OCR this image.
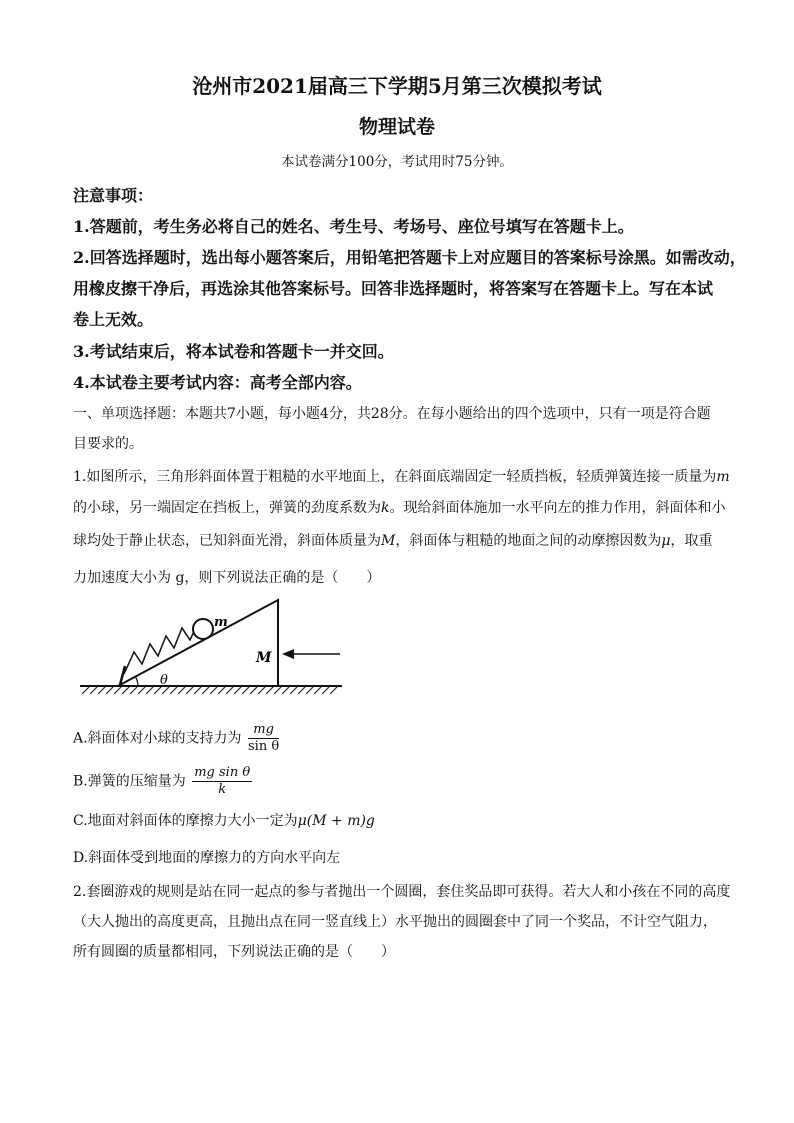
沧州市2021届高三下学期5月第三次模拟考试
物理试卷
本试卷满分100分，考试用时75分钟。
注意事项：
1.答题前，考生务必将自己的姓名、考生号、考场号、座位号填写在答题卡上。
2.回答选择题时，选出每小题答案后，用铅笔把答题卡上对应题目的答案标号涂黑。如需改动，
用橡皮擦干净后，再选涂其他答案标号。回答非选择题时，将答案写在答题卡上。写在本试
卷上无效。
3.考试结束后，将本试卷和答题卡一并交回。
4.本试卷主要考试内容：高考全部内容。
一、单项选择题：本题共7小题，每小题4分，共28分。在每小题给出的四个选项中，只有一项是符合题
目要求的。
1.如图所示，三角形斜面体置于粗糙的水平地面上，在斜面底端固定一轻质挡板，轻质弹簧连接一质量为m
的小球，另一端固定在挡板上，弹簧的劲度系数为k。现给斜面体施加一水平向左的推力作用，斜面体和小
球均处于静止状态，已知斜面光滑，斜面体质量为M，斜面体与粗糙的地面之间的动摩擦因数为μ，取重
力加速度大小为 g，则下列说法正确的是（　　）
m
θ
M
A.斜面体对小球的支持力为 $\frac{mg}{\text{sin θ}}$
B.弹簧的压缩量为 $\frac{\text{mg sin θ}}{k}$
C.地面对斜面体的摩擦力大小一定为μ(M + m)g
D.斜面体受到地面的摩擦力的方向水平向左
2.套圈游戏的规则是站在同一起点的参与者抛出一个圆圈，套住奖品即可获得。若大人和小孩在不同的高度
（大人抛出的高度更高，且抛出点在同一竖直线上）水平抛出的圆圈套中了同一个奖品，不计空气阻力，
所有圆圈的质量都相同，下列说法正确的是（　　）
